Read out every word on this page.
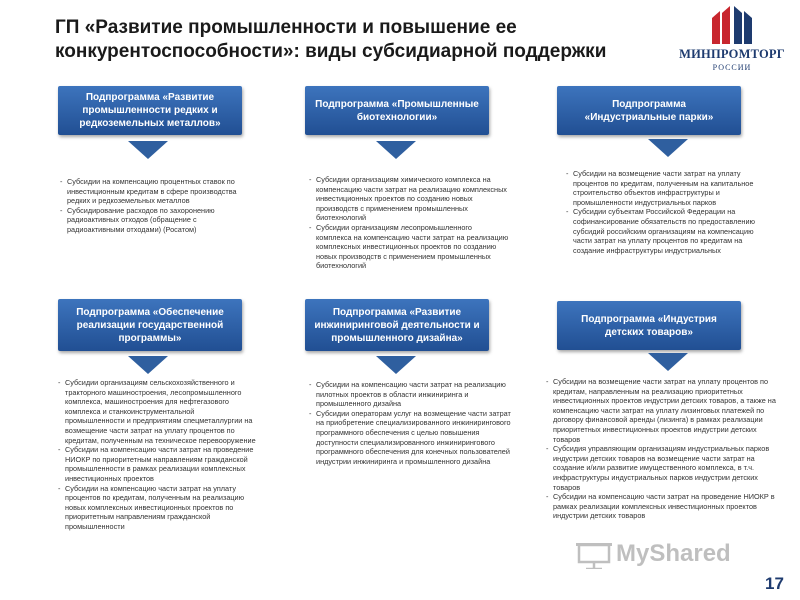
ГП «Развитие промышленности и повышение ее конкурентоспособности»: виды субсидиарной поддержки	МИНПРОМТОРГ
РОССИИ
Подпрограмма «Развитие промышленности редких и редкоземельных металлов»
- Субсидии на компенсацию процентных ставок по инвестиционным кредитам в сфере производства редких и редкоземельных металлов
- Субсидирование расходов по захоронению радиоактивных отходов (обращение с радиоактивными отходами) (Росатом)
Подпрограмма «Промышленные биотехнологии»
- Субсидии организациям химического комплекса на компенсацию части затрат на реализацию комплексных инвестиционных проектов по созданию новых производств с применением промышленных биотехнологий
- Субсидии организациям лесопромышленного комплекса на компенсацию части затрат на реализацию комплексных инвестиционных проектов по созданию новых производств с применением промышленных биотехнологий
Подпрограмма «Индустриальные парки»
- Субсидии на возмещение части затрат на уплату процентов по кредитам, полученным на капитальное строительство объектов инфраструктуры и промышленности индустриальных парков
- Субсидии субъектам Российской Федерации на софинансирование обязательств по предоставлению субсидий российским организациям на компенсацию части затрат на уплату процентов по кредитам на создание инфраструктуры индустриальных
Подпрограмма «Обеспечение реализации государственной программы»
- Субсидии организациям сельскохозяйственного и тракторного машиностроения, лесопромышленного комплекса, машиностроения для нефтегазового комплекса и станкоинструментальной промышленности и предприятиям спецметаллургии на возмещение части затрат на уплату процентов по кредитам, полученным на техническое перевооружение
- Субсидии на компенсацию части затрат на проведение НИОКР по приоритетным направлениям гражданской промышленности в рамках реализации комплексных инвестиционных проектов
- Субсидии на компенсацию части затрат на уплату процентов по кредитам, полученным на реализацию новых комплексных инвестиционных проектов по приоритетным направлениям гражданской промышленности
Подпрограмма «Развитие инжиниринговой деятельности и промышленного дизайна»
- Субсидии на компенсацию части затрат на реализацию пилотных проектов в области инжиниринга и промышленного дизайна
- Субсидии операторам услуг на возмещение части затрат на приобретение специализированного инжинирингового программного обеспечения с целью повышения доступности специализированного инжинирингового программного обеспечения для конечных пользователей индустрии инжиниринга и промышленного дизайна
Подпрограмма «Индустрия детских товаров»
- Субсидии на возмещение части затрат на уплату процентов по кредитам, направленным на реализацию приоритетных инвестиционных проектов индустрии детских товаров, а также на компенсацию части затрат на уплату лизинговых платежей по договору финансовой аренды (лизинга) в рамках реализации приоритетных инвестиционных проектов индустрии детских товаров
- Субсидия управляющим организациям индустриальных парков индустрии детских товаров на возмещение части затрат на создание и/или развитие имущественного комплекса, в т.ч. инфраструктуры индустриальных парков индустрии детских товаров
- Субсидии на компенсацию части затрат на проведение НИОКР в рамках реализации комплексных инвестиционных проектов индустрии детских товаров
MyShared
17
